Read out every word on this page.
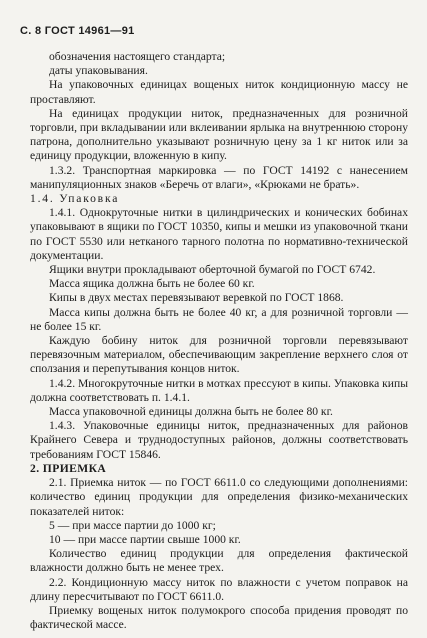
С. 8 ГОСТ 14961—91

обозначения настоящего стандарта;

даты упаковывания.

На упаковочных единицах вощеных ниток кондиционную массу не проставляют.

На единицах продукции ниток, предназначенных для розничной торговли, при вкладывании или вклеивании ярлыка на внутреннюю сторону патрона, дополнительно указывают розничную цену за 1 кг ниток или за единицу продукции, вложенную в кипу.

1.3.2. Транспортная маркировка — по ГОСТ 14192 с нанесением манипуляционных знаков «Беречь от влаги», «Крюками не брать».

1.4. Упаковка

1.4.1. Однокруточные нитки в цилиндрических и конических бобинах упаковывают в ящики по ГОСТ 10350, кипы и мешки из упаковочной ткани по ГОСТ 5530 или нетканого тарного полотна по нормативно-технической документации.

Ящики внутри прокладывают оберточной бумагой по ГОСТ 6742.

Масса ящика должна быть не более 60 кг.

Кипы в двух местах перевязывают веревкой по ГОСТ 1868.

Масса кипы должна быть не более 40 кг, а для розничной торговли — не более 15 кг.

Каждую бобину ниток для розничной торговли перевязывают перевязочным материалом, обеспечивающим закрепление верхнего слоя от сползания и перепутывания концов ниток.

1.4.2. Многокруточные нитки в мотках прессуют в кипы. Упаковка кипы должна соответствовать п. 1.4.1.

Масса упаковочной единицы должна быть не более 80 кг.

1.4.3. Упаковочные единицы ниток, предназначенных для районов Крайнего Севера и труднодоступных районов, должны соответствовать требованиям ГОСТ 15846.

2. ПРИЕМКА

2.1. Приемка ниток — по ГОСТ 6611.0 со следующими дополнениями: количество единиц продукции для определения физико-механических показателей ниток:

5 — при массе партии до 1000 кг;

10 — при массе партии свыше 1000 кг.

Количество единиц продукции для определения фактической влажности должно быть не менее трех.

2.2. Кондиционную массу ниток по влажности с учетом поправок на длину пересчитывают по ГОСТ 6611.0.

Приемку вощеных ниток полумокрого способа придения проводят по фактической массе.
